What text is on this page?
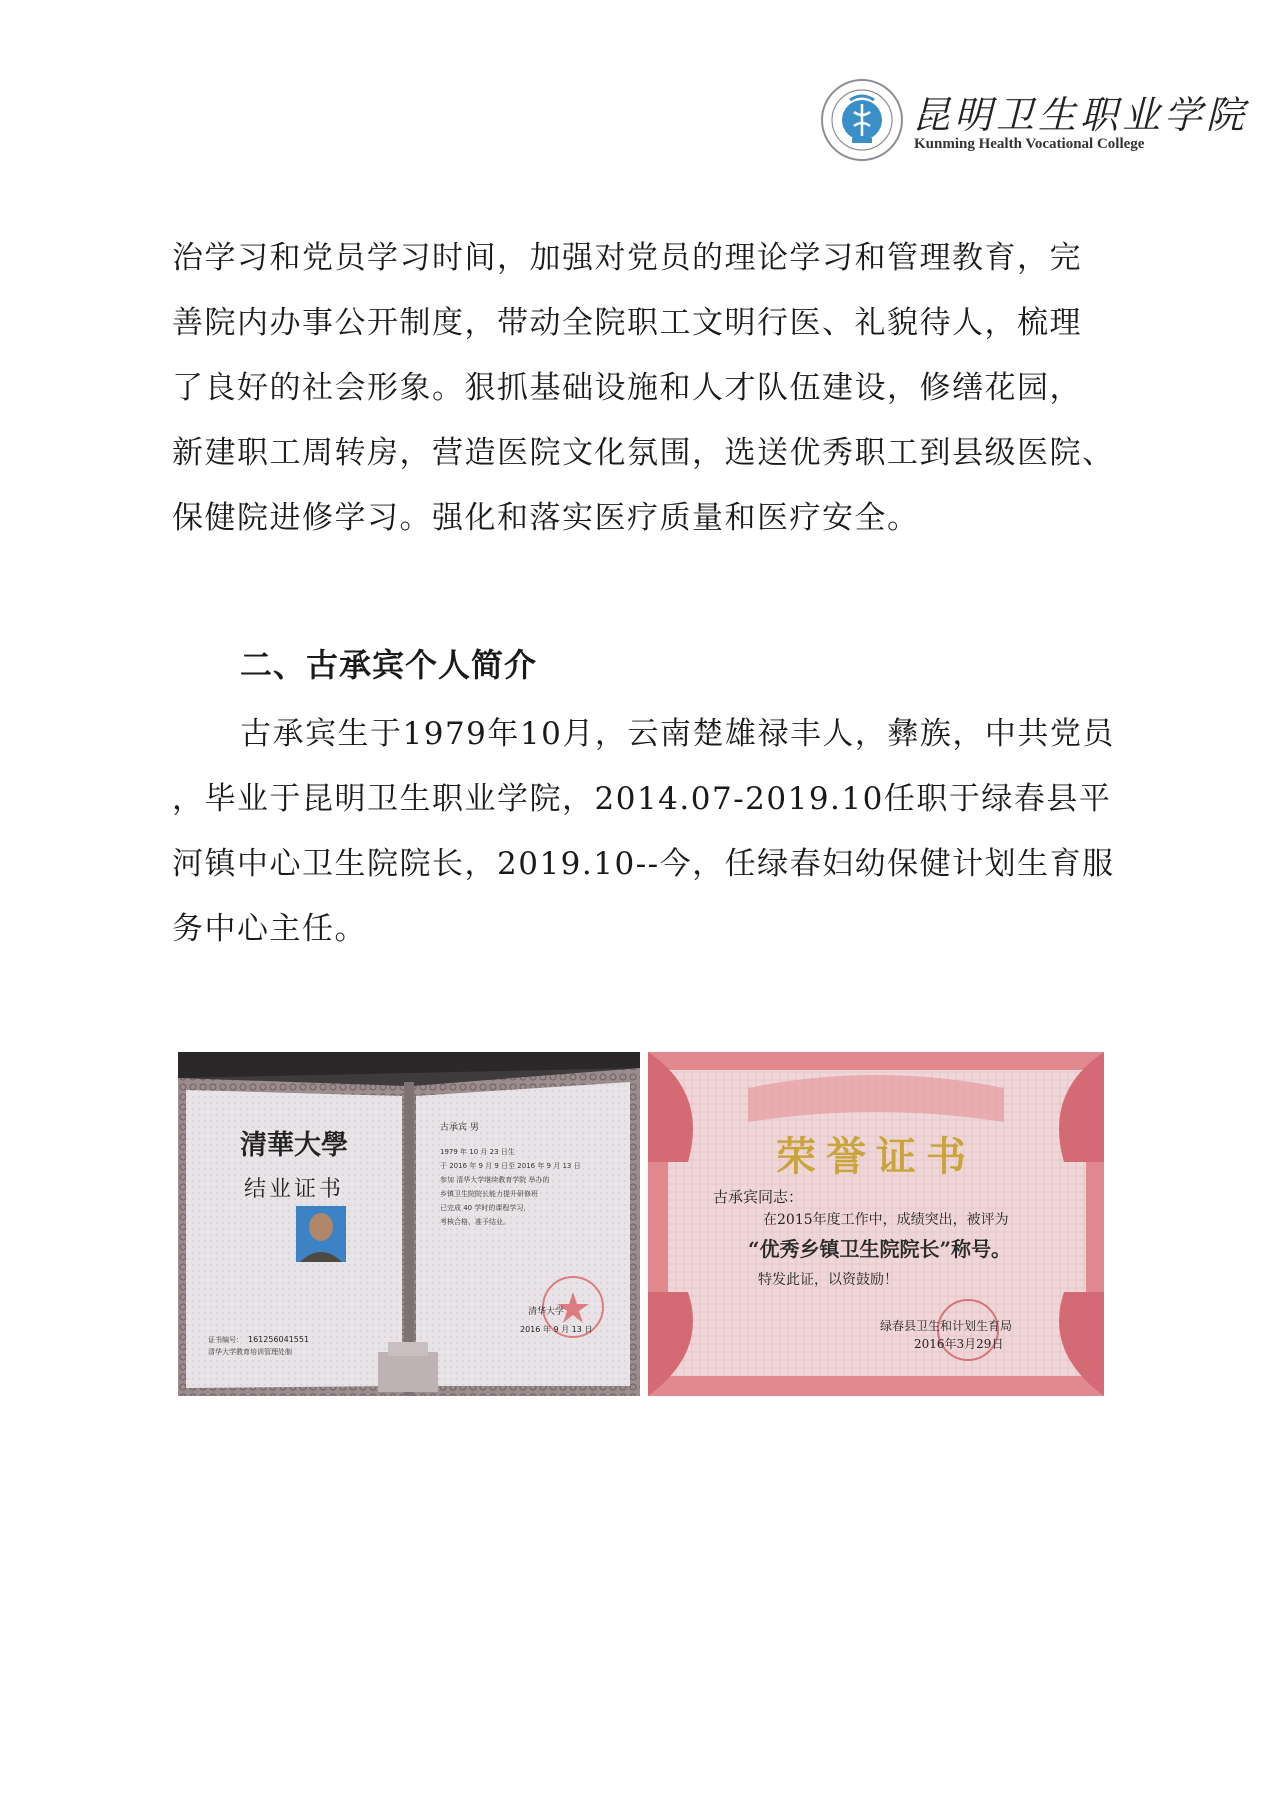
昆明卫生职业学院
Kunming Health Vocational College
治学习和党员学习时间，加强对党员的理论学习和管理教育，完
善院内办事公开制度，带动全院职工文明行医、礼貌待人，梳理
了良好的社会形象。狠抓基础设施和人才队伍建设，修缮花园，
新建职工周转房，营造医院文化氛围，选送优秀职工到县级医院、
保健院进修学习。强化和落实医疗质量和医疗安全。
二、古承宾个人简介
古承宾生于1979年10月，云南楚雄禄丰人，彝族，中共党员
，毕业于昆明卫生职业学院，2014.07-2019.10任职于绿春县平
河镇中心卫生院院长，2019.10--今，任绿春妇幼保健计划生育服
务中心主任。
清華大學
结业证书
古承宾 男
1979 年 10 月 23 日生
于 2016 年 9 月 9 日至 2016 年 9 月 13 日
参加 清华大学继续教育学院 举办的
乡镇卫生院院长能力提升研修班
已完成 40 学时的课程学习，
考核合格，准予结业。
清华大学
2016 年 9 月 13 日
证书编号： 161256041551
清华大学教育培训管理处制
荣誉证书
古承宾同志：
在2015年度工作中，成绩突出，被评为
“优秀乡镇卫生院院长”称号。
特发此证，以资鼓励！
绿春县卫生和计划生育局
2016年3月29日
